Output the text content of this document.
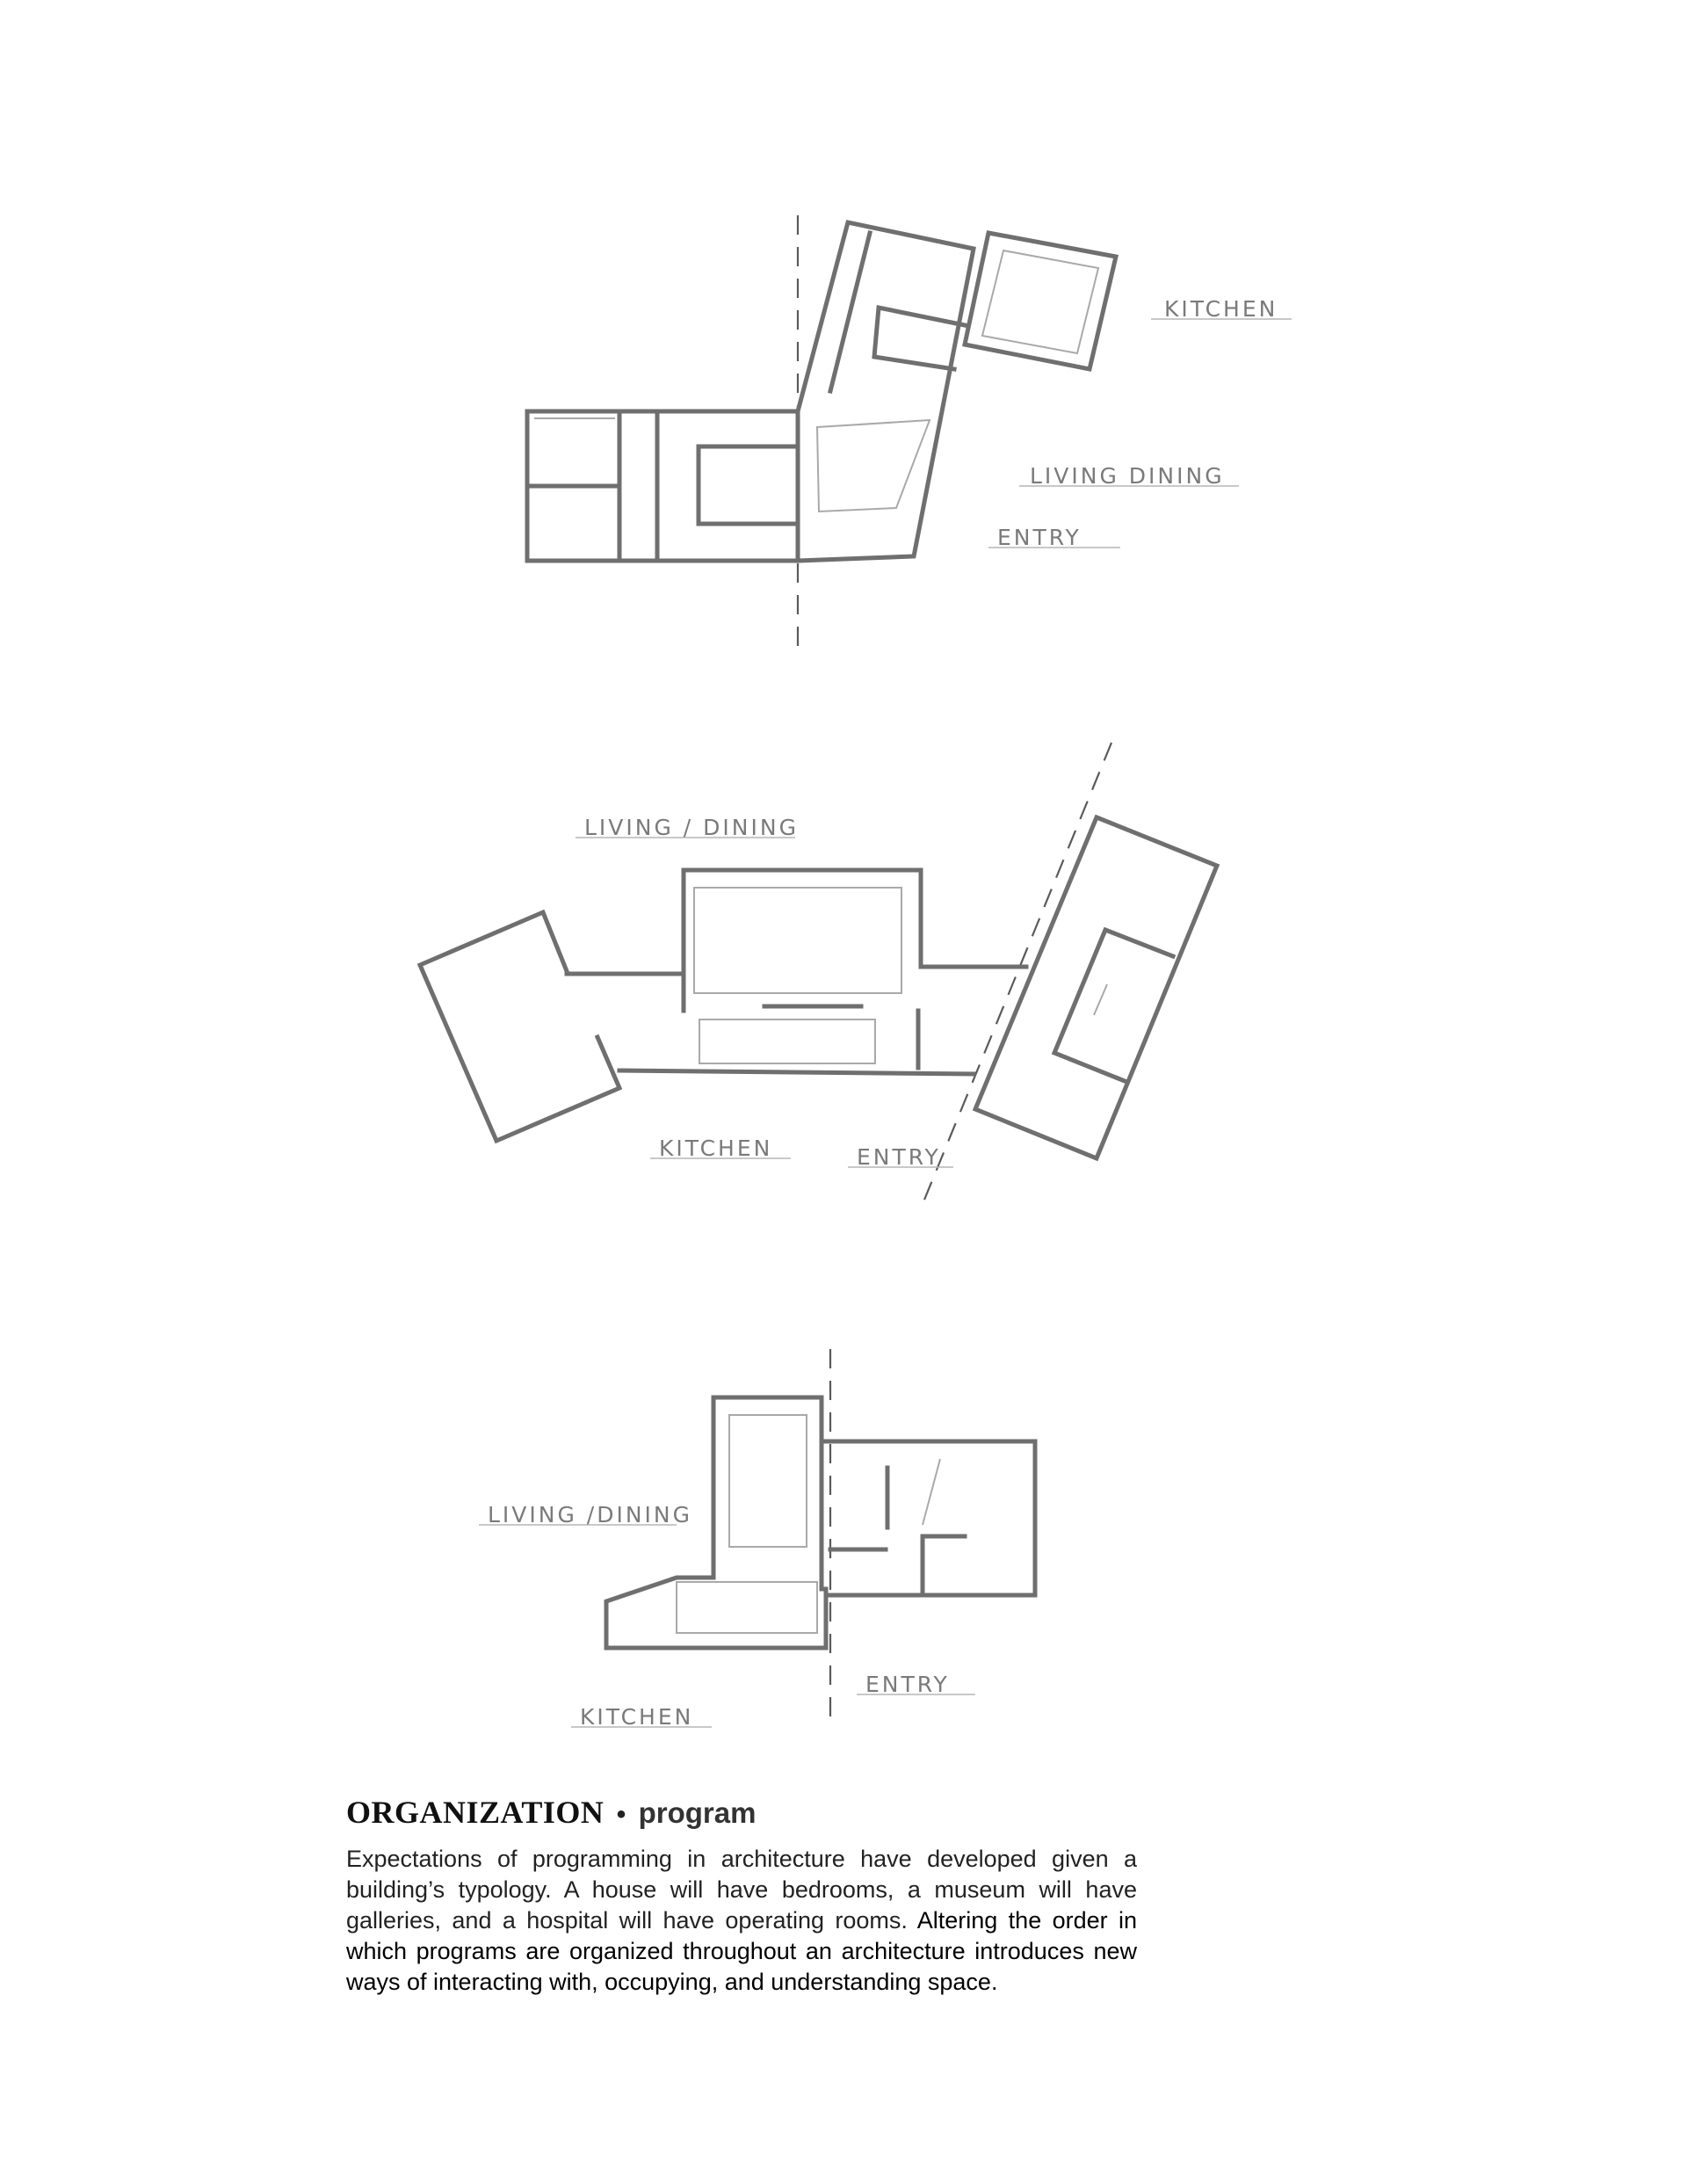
KITCHEN
LIVING DINING
ENTRY
LIVING / DINING
KITCHEN	ENTRY
LIVING /DINING
KITCHEN
ENTRY
ORGANIZATION • program

Expectations of programming in architecture have developed given a building’s typology. A house will have bedrooms, a museum will have galleries, and a hospital will have operating rooms. Altering the order in which programs are organized throughout an architecture introduces new ways of interacting with, occupying, and understanding space.
